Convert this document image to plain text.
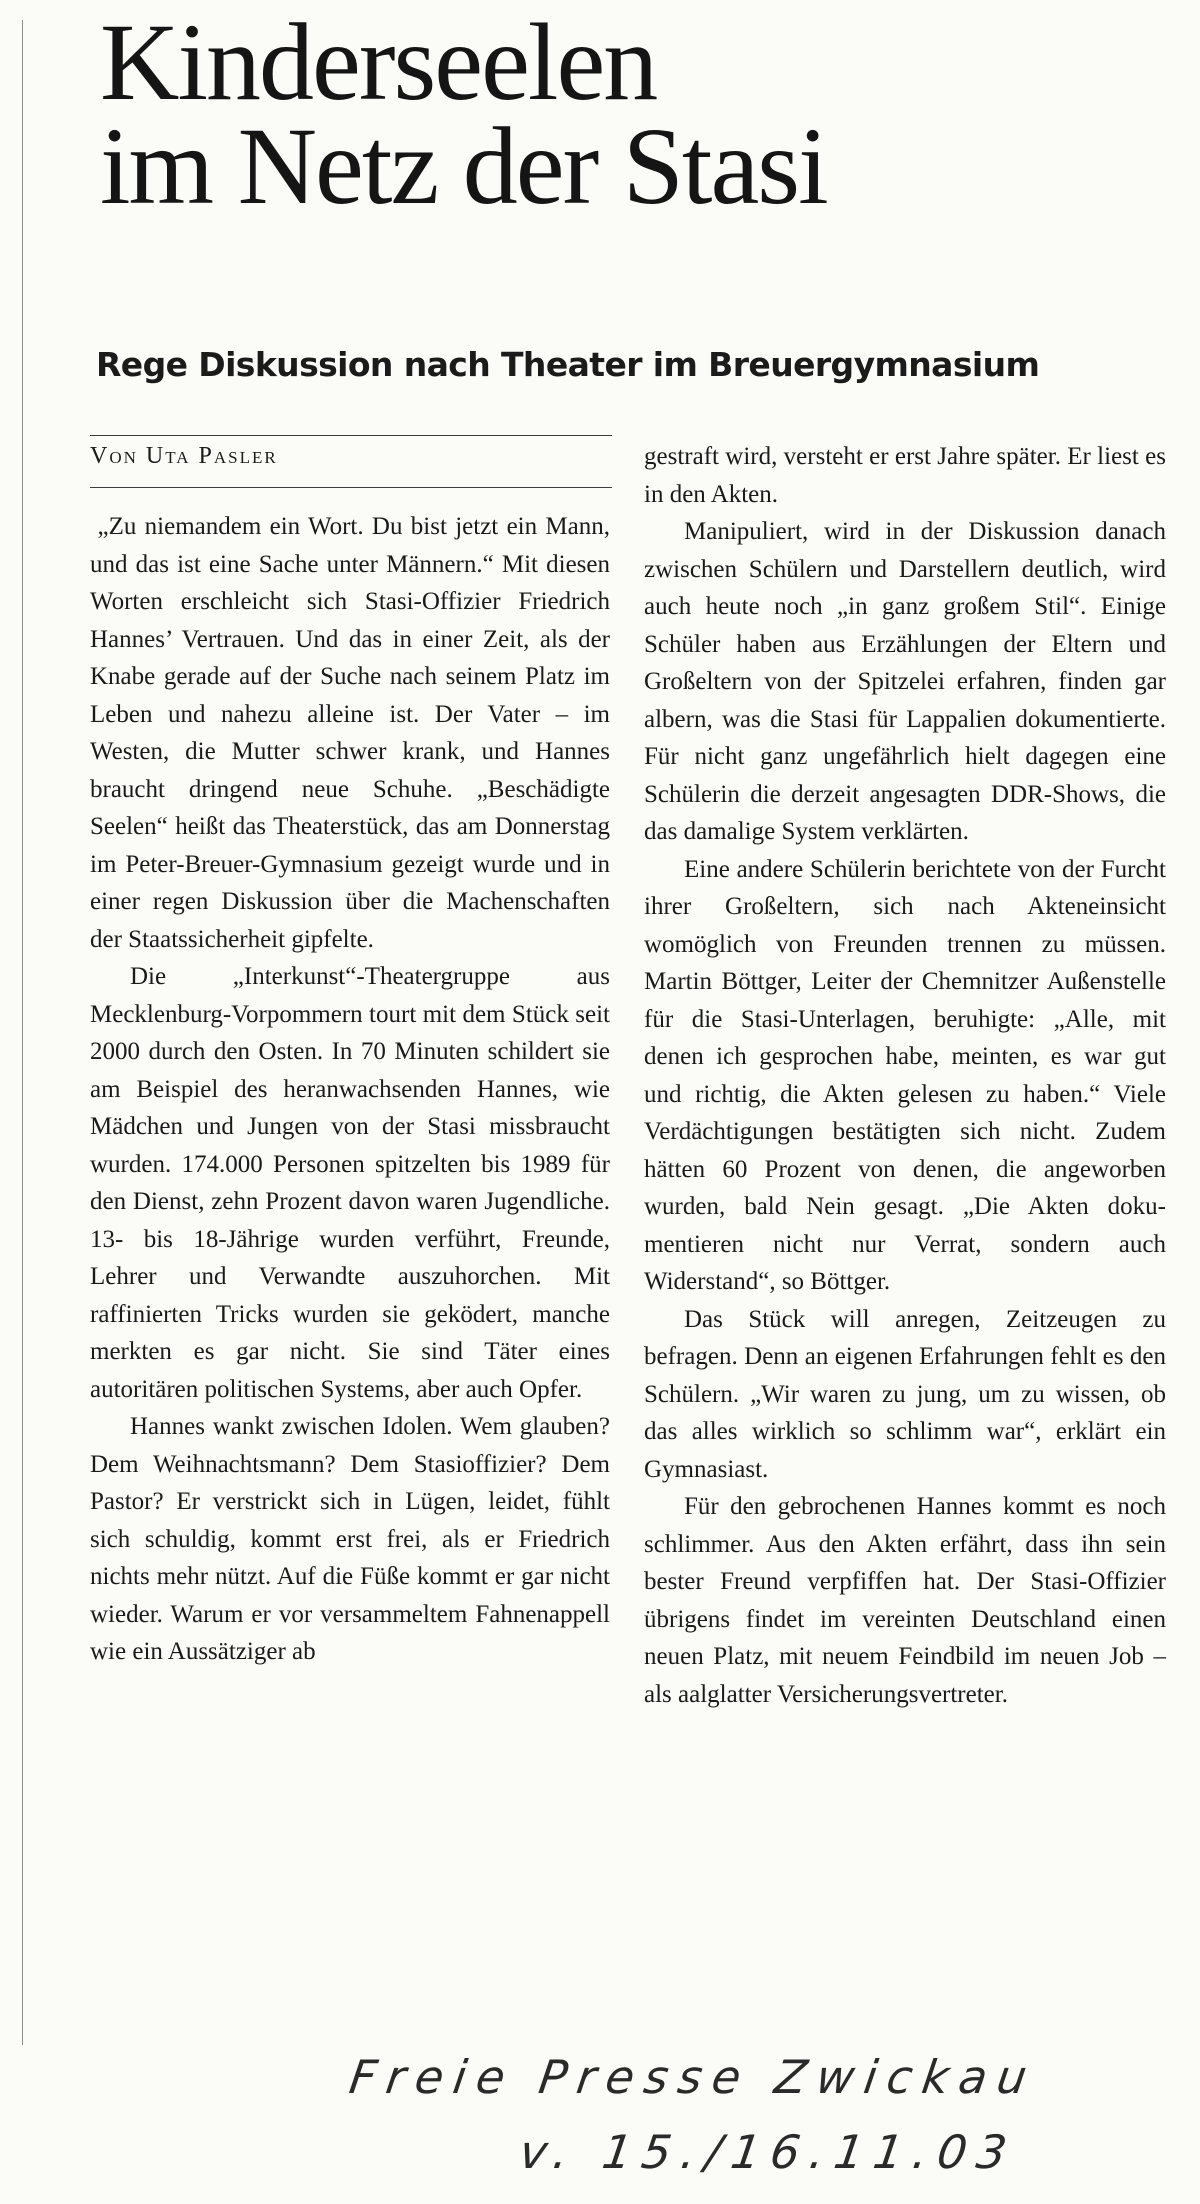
Kinderseelen
im Netz der Stasi
Rege Diskussion nach Theater im Breuergymnasium
Von Uta Pasler

„Zu niemandem ein Wort. Du bist jetzt ein Mann, und das ist eine Sache unter Männern.“ Mit diesen Worten erschleicht sich Stasi-Offizier Friedrich Hannes’ Vertrauen. Und das in einer Zeit, als der Knabe gerade auf der Suche nach seinem Platz im Leben und nahezu alleine ist. Der Vater – im Westen, die Mutter schwer krank, und Hannes braucht dringend neue Schuhe. „Beschädigte Seelen“ heißt das Theaterstück, das am Donnerstag im Peter-Breuer-Gymnasium gezeigt wurde und in einer regen Diskussion über die Machenschaften der Staatssicherheit gipfelte.

Die „Interkunst“-Theatergruppe aus Mecklenburg-Vorpommern tourt mit dem Stück seit 2000 durch den Osten. In 70 Minuten schildert sie am Beispiel des heranwachsenden Hannes, wie Mädchen und Jungen von der Stasi missbraucht wurden. 174.000 Personen spitzelten bis 1989 für den Dienst, zehn Prozent davon waren Jugendliche. 13- bis 18-Jährige wurden verführt, Freunde, Lehrer und Verwandte auszuhorchen. Mit raffinierten Tricks wurden sie geködert, manche merkten es gar nicht. Sie sind Täter eines autoritären politischen Systems, aber auch Opfer.

Hannes wankt zwischen Idolen. Wem glauben? Dem Weihnachtsmann? Dem Stasioffizier? Dem Pastor? Er verstrickt sich in Lügen, leidet, fühlt sich schuldig, kommt erst frei, als er Friedrich nichts mehr nützt. Auf die Füße kommt er gar nicht wieder. Warum er vor versammeltem Fahnenappell wie ein Aussätziger ab

gestraft wird, versteht er erst Jahre später. Er liest es in den Akten.

Manipuliert, wird in der Diskussion danach zwischen Schülern und Darstellern deutlich, wird auch heute noch „in ganz großem Stil“. Einige Schüler haben aus Erzählungen der Eltern und Großeltern von der Spitzelei erfahren, finden gar albern, was die Stasi für Lappalien dokumentierte. Für nicht ganz ungefährlich hielt dagegen eine Schülerin die derzeit angesagten DDR-Shows, die das damalige System verklärten.

Eine andere Schülerin berichtete von der Furcht ihrer Großeltern, sich nach Akteneinsicht womöglich von Freunden trennen zu müssen. Martin Böttger, Leiter der Chemnitzer Außenstelle für die Stasi-Unterlagen, beruhigte: „Alle, mit denen ich gesprochen habe, meinten, es war gut und richtig, die Akten gelesen zu haben.“ Viele Verdächtigungen bestätigten sich nicht. Zudem hätten 60 Prozent von denen, die angeworben wurden, bald Nein gesagt. „Die Akten dokumentieren nicht nur Verrat, sondern auch Widerstand“, so Böttger.

Das Stück will anregen, Zeitzeugen zu befragen. Denn an eigenen Erfahrungen fehlt es den Schülern. „Wir waren zu jung, um zu wissen, ob das alles wirklich so schlimm war“, erklärt ein Gymnasiast.

Für den gebrochenen Hannes kommt es noch schlimmer. Aus den Akten erfährt, dass ihn sein bester Freund verpfiffen hat. Der Stasi-Offizier übrigens findet im vereinten Deutschland einen neuen Platz, mit neuem Feindbild im neuen Job – als aalglatter Versicherungsvertreter.

Freie Presse Zwickau
v. 15./16.11.03
